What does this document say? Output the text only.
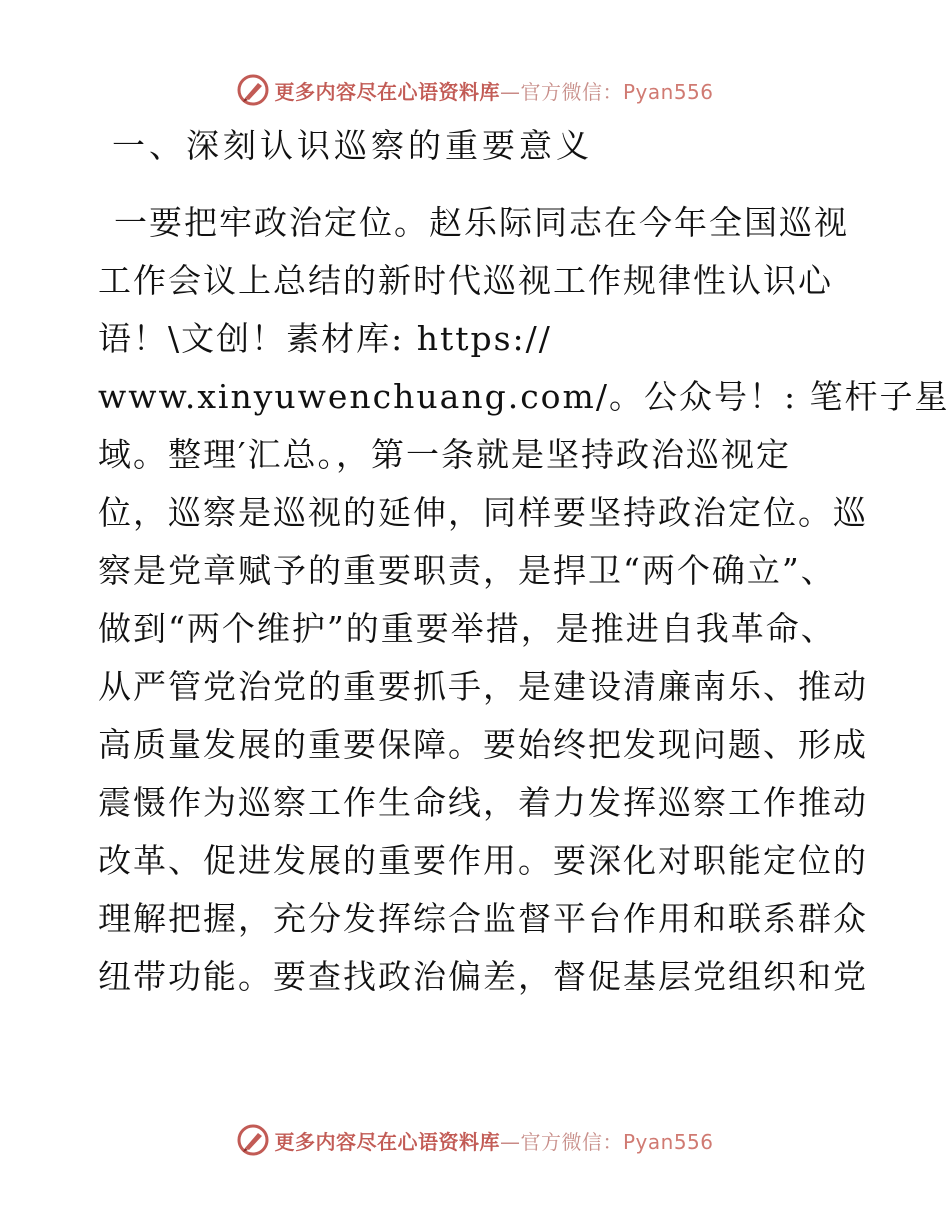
更多内容尽在心语资料库—官方微信：Pyan556
一、深刻认识巡察的重要意义
一要把牢政治定位。赵乐际同志在今年全国巡视
工作会议上总结的新时代巡视工作规律性认识心
语！\文创！素材库: https://
www.xinyuwenchuang.com/。公众号！: 笔杆子星
域。整理′汇总。，第一条就是坚持政治巡视定
位，巡察是巡视的延伸，同样要坚持政治定位。巡
察是党章赋予的重要职责，是捍卫“两个确立”、
做到“两个维护”的重要举措，是推进自我革命、
从严管党治党的重要抓手，是建设清廉南乐、推动
高质量发展的重要保障。要始终把发现问题、形成
震慑作为巡察工作生命线，着力发挥巡察工作推动
改革、促进发展的重要作用。要深化对职能定位的
理解把握，充分发挥综合监督平台作用和联系群众
纽带功能。要查找政治偏差，督促基层党组织和党
更多内容尽在心语资料库—官方微信：Pyan556
